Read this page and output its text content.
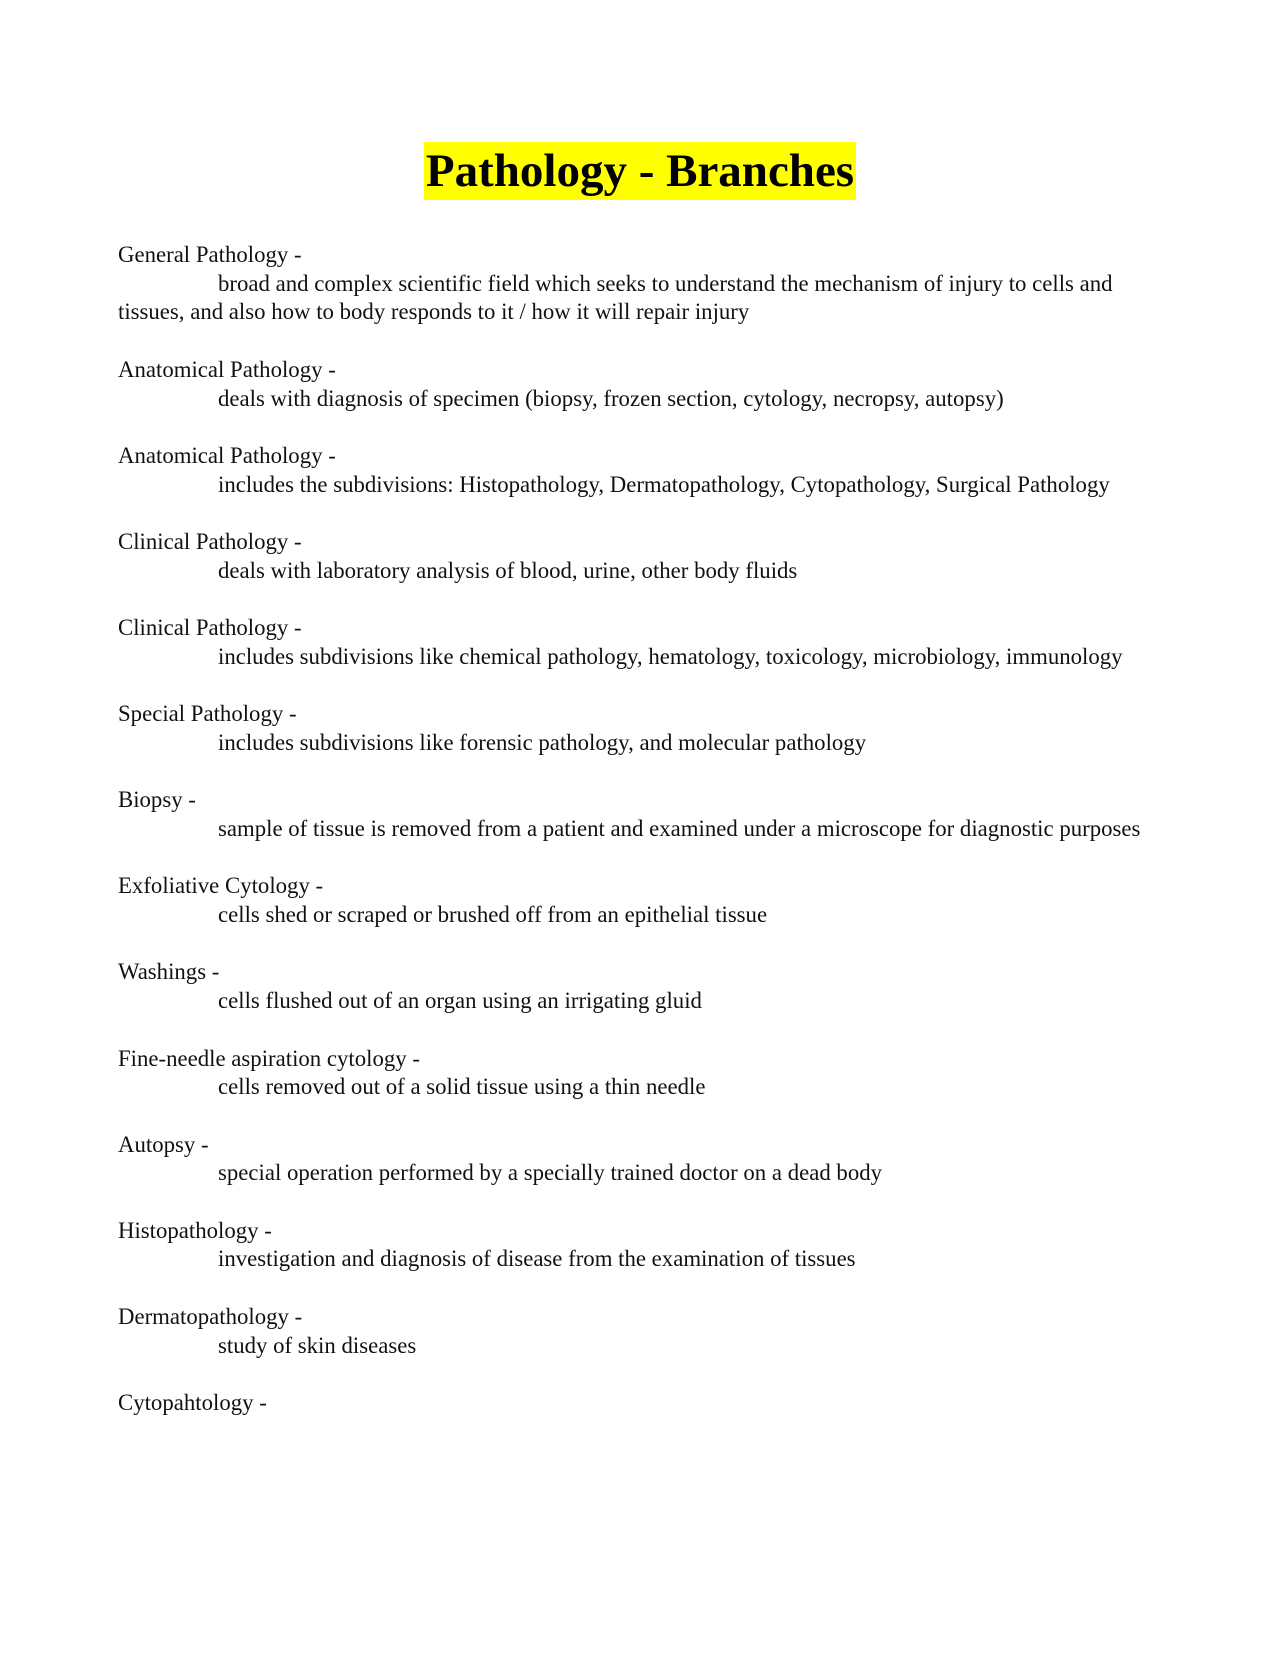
Pathology - Branches
General Pathology -
broad and complex scientific field which seeks to understand the mechanism of injury to cells and tissues, and also how to body responds to it / how it will repair injury
Anatomical Pathology -
deals with diagnosis of specimen (biopsy, frozen section, cytology, necropsy, autopsy)
Anatomical Pathology -
includes the subdivisions: Histopathology, Dermatopathology, Cytopathology, Surgical Pathology
Clinical Pathology -
deals with laboratory analysis of blood, urine, other body fluids
Clinical Pathology -
includes subdivisions like chemical pathology, hematology, toxicology, microbiology, immunology
Special Pathology -
includes subdivisions like forensic pathology, and molecular pathology
Biopsy -
sample of tissue is removed from a patient and examined under a microscope for diagnostic purposes
Exfoliative Cytology -
cells shed or scraped or brushed off from an epithelial tissue
Washings -
cells flushed out of an organ using an irrigating gluid
Fine-needle aspiration cytology -
cells removed out of a solid tissue using a thin needle
Autopsy -
special operation performed by a specially trained doctor on a dead body
Histopathology -
investigation and diagnosis of disease from the examination of tissues
Dermatopathology -
study of skin diseases
Cytopahtology -
